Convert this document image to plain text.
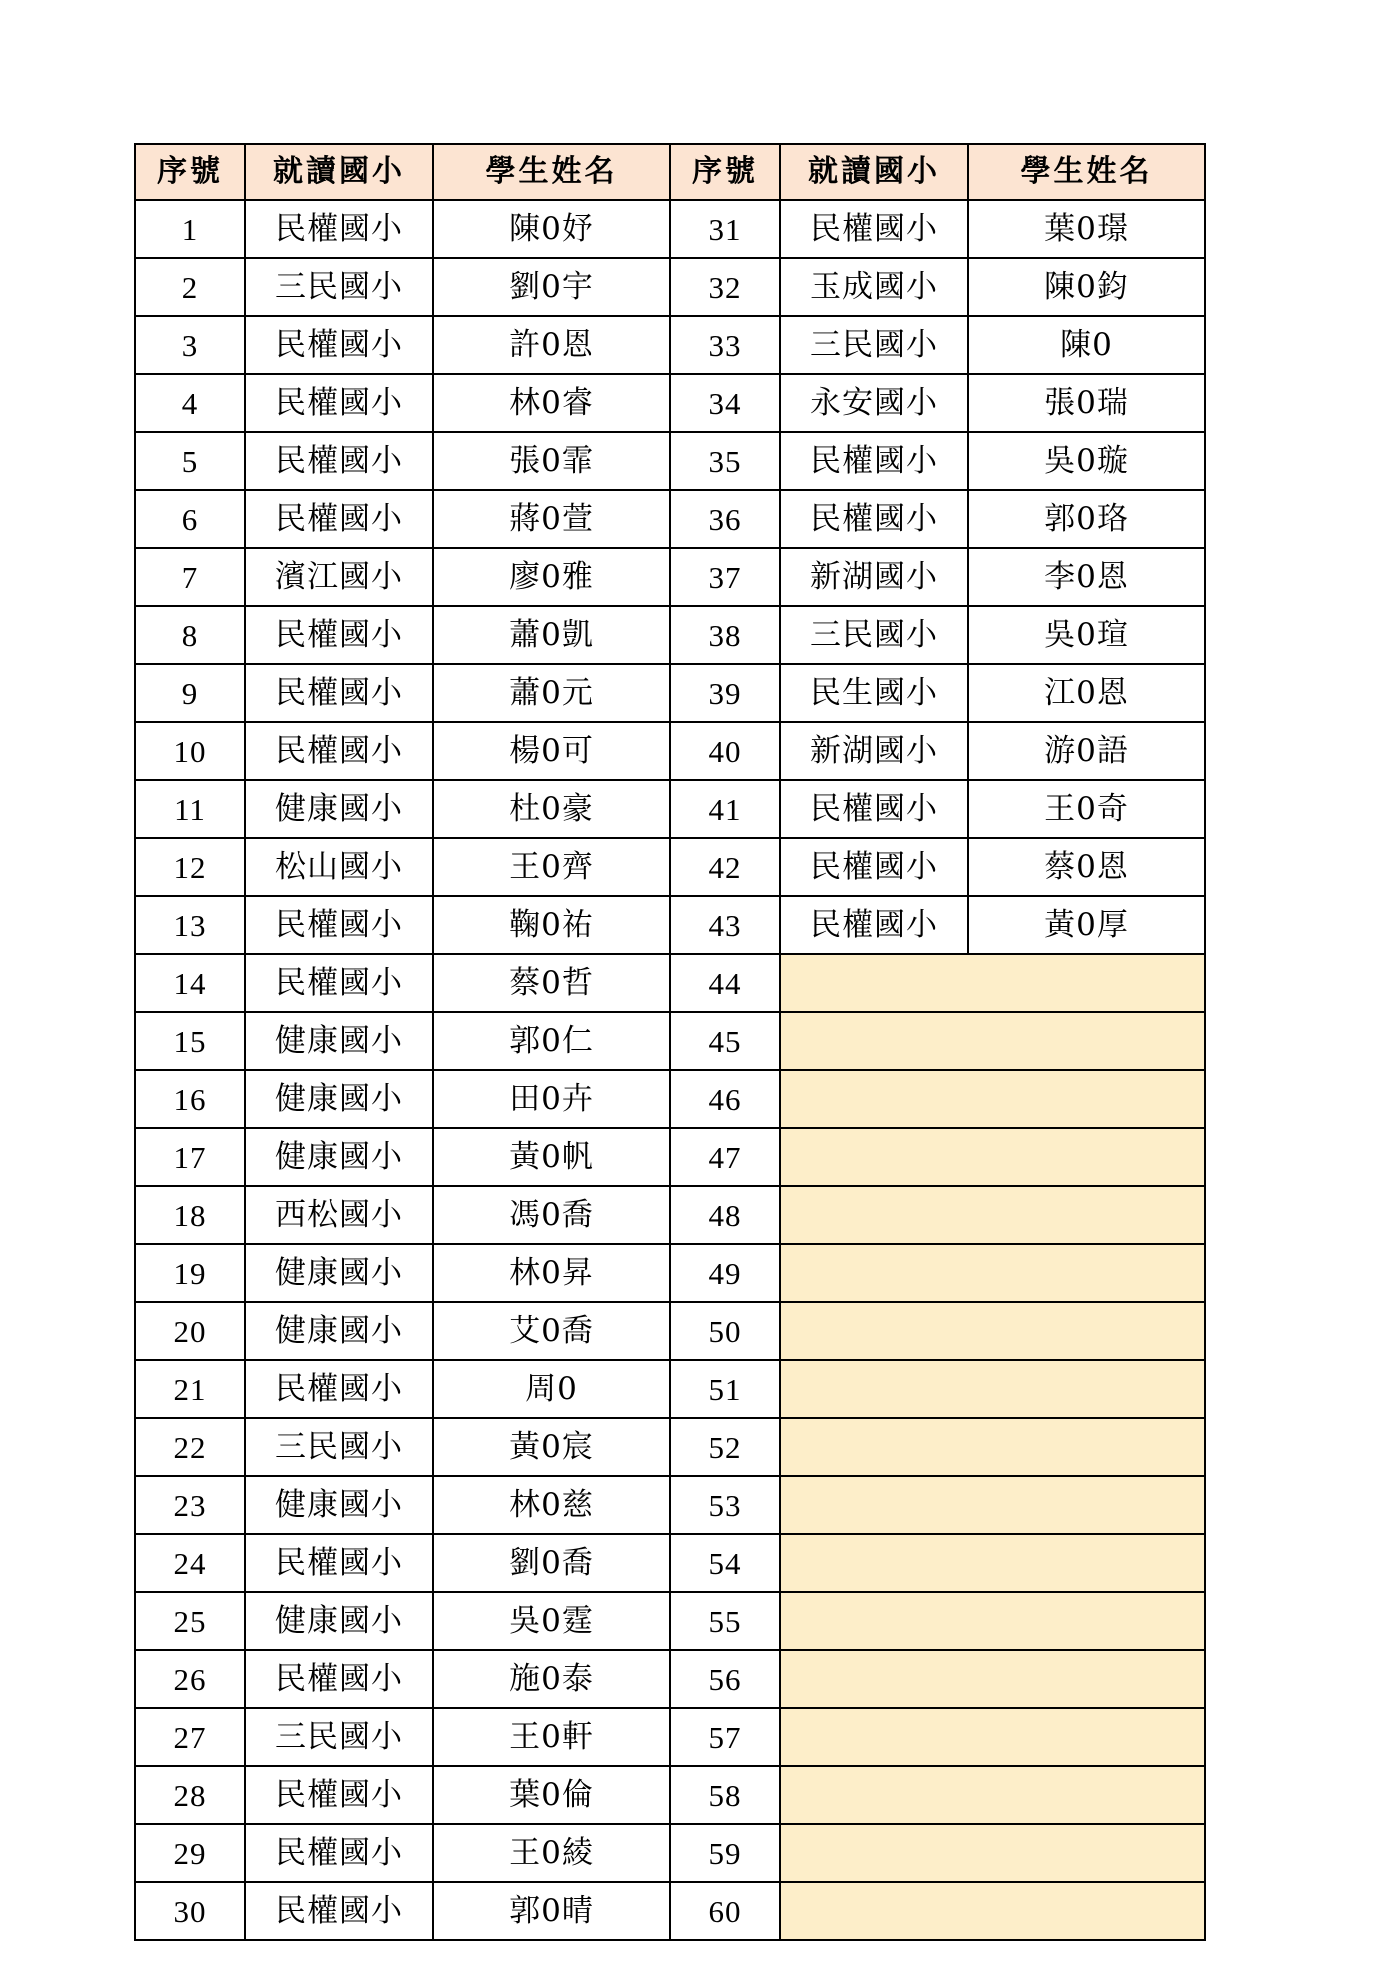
序號	就讀國小	學生姓名	序號	就讀國小	學生姓名
1	民權國小	陳0妤	31	民權國小	葉0璟
2	三民國小	劉0宇	32	玉成國小	陳0鈞
3	民權國小	許0恩	33	三民國小	陳0
4	民權國小	林0睿	34	永安國小	張0瑞
5	民權國小	張0霏	35	民權國小	吳0璇
6	民權國小	蔣0萱	36	民權國小	郭0珞
7	濱江國小	廖0雅	37	新湖國小	李0恩
8	民權國小	蕭0凱	38	三民國小	吳0瑄
9	民權國小	蕭0元	39	民生國小	江0恩
10	民權國小	楊0可	40	新湖國小	游0語
11	健康國小	杜0豪	41	民權國小	王0奇
12	松山國小	王0齊	42	民權國小	蔡0恩
13	民權國小	鞠0祐	43	民權國小	黃0厚
14	民權國小	蔡0哲	44		
15	健康國小	郭0仁	45		
16	健康國小	田0卉	46		
17	健康國小	黃0帆	47		
18	西松國小	馮0喬	48		
19	健康國小	林0昇	49		
20	健康國小	艾0喬	50		
21	民權國小	周0	51		
22	三民國小	黃0宸	52		
23	健康國小	林0慈	53		
24	民權國小	劉0喬	54		
25	健康國小	吳0霆	55		
26	民權國小	施0泰	56		
27	三民國小	王0軒	57		
28	民權國小	葉0倫	58		
29	民權國小	王0綾	59		
30	民權國小	郭0晴	60		
